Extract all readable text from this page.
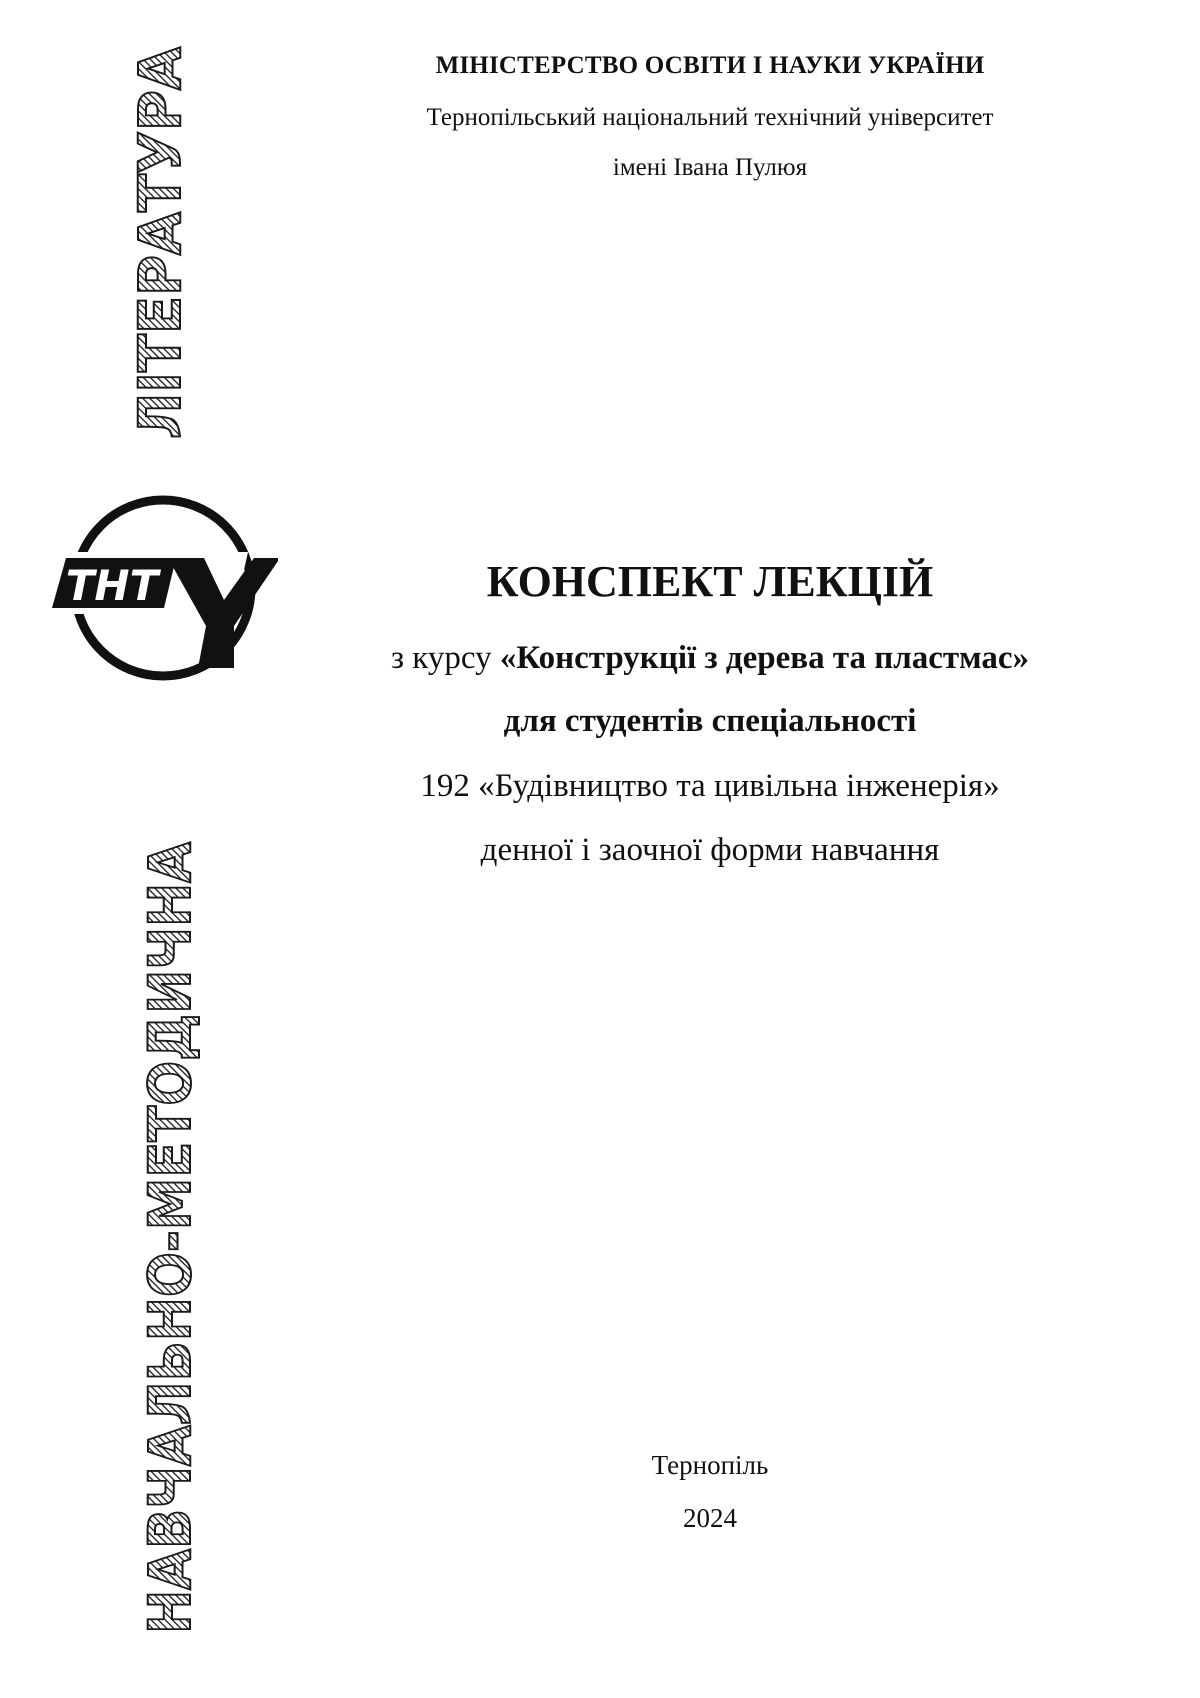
ЛІТЕРАТУРА
НАВЧАЛЬНО-МЕТОДИЧНА
ТНТ
МІНІСТЕРСТВО ОСВІТИ І НАУКИ УКРАЇНИ
Тернопільський національний технічний університет
імені Івана Пулюя
КОНСПЕКТ ЛЕКЦІЙ
з курсу «Конструкції з дерева та пластмас»
для студентів спеціальності
192 «Будівництво та цивільна інженерія»
денної і заочної форми навчання
Тернопіль
2024
